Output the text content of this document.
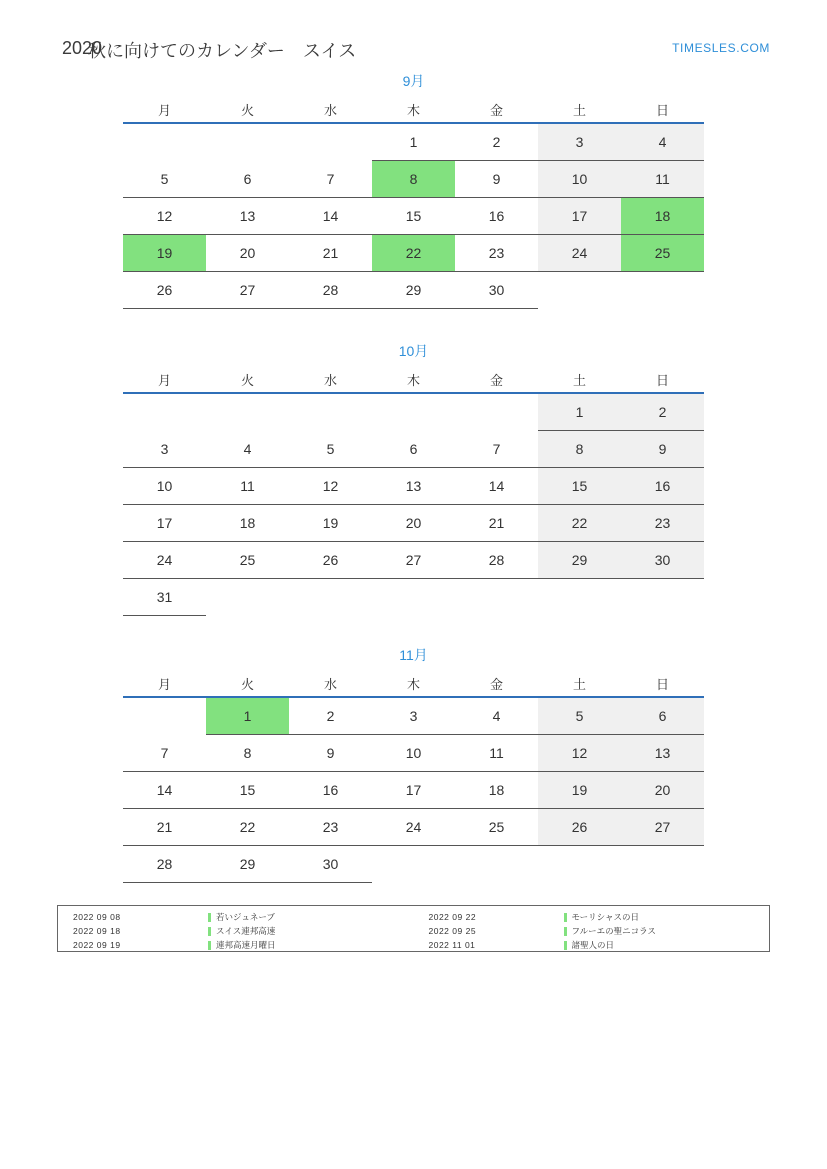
2020
秋に向けてのカレンダー　スイス	TIMESLES.COM
9月
月	火	水	木	金	土	日
			1	2	3	4
5	6	7	8	9	10	11
12	13	14	15	16	17	18
19	20	21	22	23	24	25
26	27	28	29	30		
10月
月	火	水	木	金	土	日
					1	2
3	4	5	6	7	8	9
10	11	12	13	14	15	16
17	18	19	20	21	22	23
24	25	26	27	28	29	30
31						
11月
月	火	水	木	金	土	日
	1	2	3	4	5	6
7	8	9	10	11	12	13
14	15	16	17	18	19	20
21	22	23	24	25	26	27
28	29	30				
2022 09 08	若いジュネーブ
2022 09 18	スイス連邦高速
2022 09 19	連邦高速月曜日
2022 09 22	モーリシャスの日
2022 09 25	フルーエの聖ニコラス
2022 11 01	諸聖人の日
